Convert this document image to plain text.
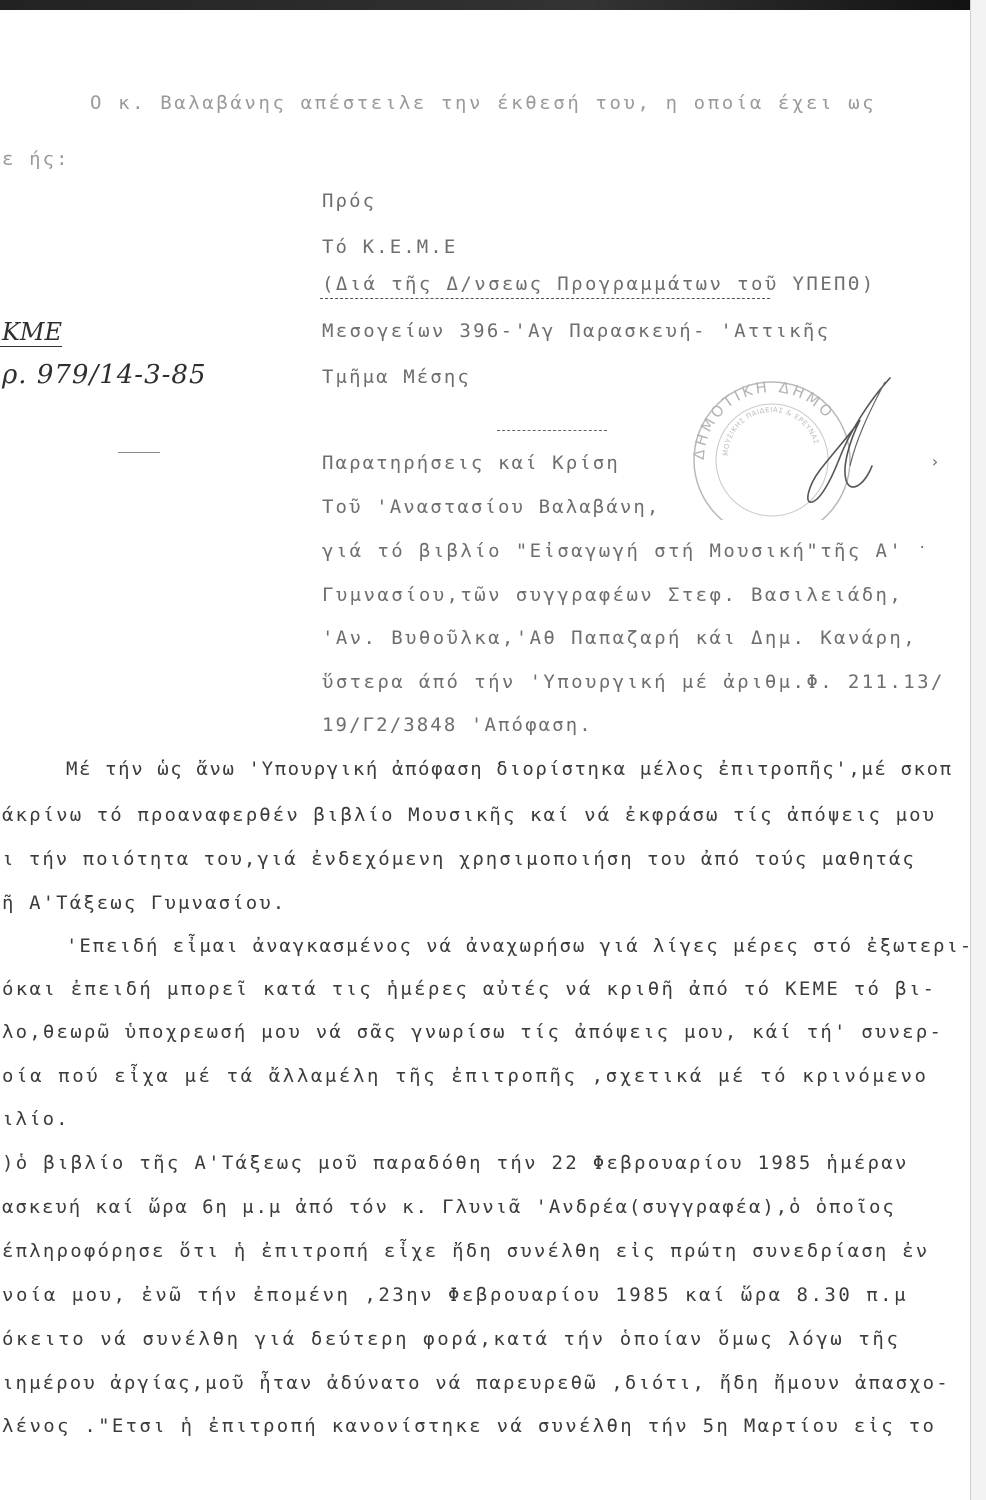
Ο κ. Βαλαβάνης απέστειλε την έκθεσή του, η οποία έχει ως
ε ής:
Πρός
Τό Κ.Ε.Μ.Ε
(Διά τῆς Δ/νσεως Προγραμμάτων τοῦ ΥΠΕΠΘ)
Μεσογείων 396-'Αγ Παρασκευή- 'Αττικῆς
Τμῆμα Μέσης
ΚΜΕ
ρ. 979/14-3-85
ΔΗΜΟΤΙΚΗ ΔΗΜΟ
ΜΟΥΣΙΚΗΣ ΠΑΙΔΕΙΑΣ & ΕΡΕΥΝΑΣ
›
·
Παρατηρήσεις καί Κρίση
Τοῦ 'Αναστασίου Βαλαβάνη,
γιά τό βιβλίο "Εἰσαγωγή στή Μουσική"τῆς Α'
Γυμνασίου,τῶν συγγραφέων Στεφ. Βασιλειάδη,
'Αν. Βυθοῦλκα,'Αθ Παπαζαρή κάι Δημ. Κανάρη,
ὕστερα άπό τήν 'Υπουργική μέ ἀριθμ.Φ. 211.13/
19/Γ2/3848 'Απόφαση.
Μέ τήν ὡς ἄνω 'Υπουργική ἀπόφαση διορίστηκα μέλος ἐπιτροπῆς',μέ σκοπ
άκρίνω τό προαναφερθέν βιβλίο Μουσικῆς καί νά ἐκφράσω τίς ἀπόψεις μου
ι τήν ποιότητα του,γιά ἐνδεχόμενη χρησιμοποιήση του ἀπό τούς μαθητάς
ῆ Α'Τάξεως Γυμνασίου.
'Επειδή εἶμαι ἀναγκασμένος νά ἀναχωρήσω γιά λίγες μέρες στό ἐξωτερι-
όκαι ἐπειδή μπορεῖ κατά τις ἡμέρες αὐτές νά κριθῆ ἀπό τό ΚΕΜΕ τό βι-
λο,θεωρῶ ὑποχρεωσή μου νά σᾶς γνωρίσω τίς ἀπόψεις μου, κάί τή' συνερ-
οία πού εἶχα μέ τά ἄλλαμέλη τῆς ἐπιτροπῆς ,σχετικά μέ τό κρινόμενο
ιλίο.
)ὁ βιβλίο τῆς Α'Τάξεως μοῦ παραδόθη τήν 22 Φεβρουαρίου 1985 ἡμέραν
ασκευή καί ὥρα 6η μ.μ ἀπό τόν κ. Γλυνιᾶ 'Ανδρέα(συγγραφέα),ὁ ὁποῖος
έπληροφόρησε ὅτι ἡ ἐπιτροπή εἶχε ἤδη συνέλθη εἰς πρώτη συνεδρίαση ἐν
νοία μου, ἐνῶ τήν ἐπομένη ,23ην Φεβρουαρίου 1985 καί ὥρα 8.30 π.μ
όκειτο νά συνέλθη γιά δεύτερη φορά,κατά τήν ὁποίαν ὅμως λόγω τῆς
ιημέρου ἀργίας,μοῦ ἦταν ἀδύνατο νά παρευρεθῶ ,διότι, ἤδη ἤμουν ἀπασχο-
λένος ."Ετσι ἡ ἐπιτροπή κανονίστηκε νά συνέλθη τήν 5η Μαρτίου εἰς το
